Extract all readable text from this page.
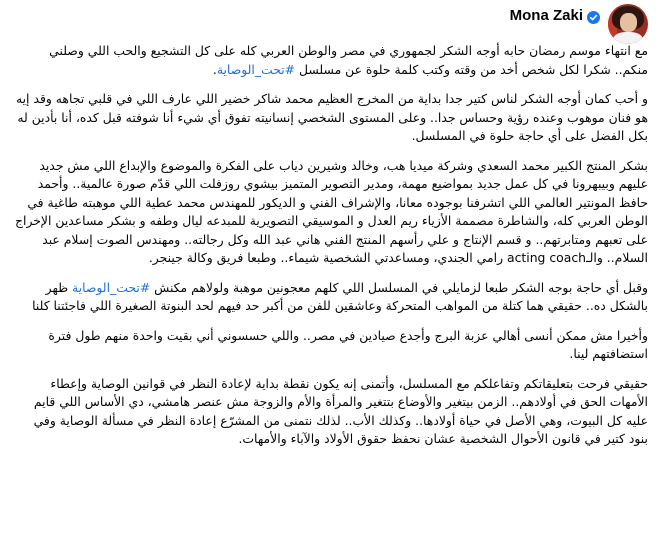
Mona Zaki

مع انتهاء موسم رمضان حابه أوجه الشكر لجمهوري في مصر والوطن العربي كله على كل التشجيع والحب اللي وصلني منكم.. شكرا لكل شخص أخد من وقته وكتب كلمة حلوة عن مسلسل #تحت_الوصاية.

و أحب كمان أوجه الشكر لناس كتير جدا بداية من المخرج العظيم محمد شاكر خضير اللي عارف اللي في قلبي تجاهه وقد إيه هو فنان موهوب وعنده رؤية وحساس جدا.. وعلى المستوى الشخصي إنسانيته تفوق أي شيء أنا شوفته قبل كده، أنا بأدين له بكل الفضل على أي حاجة حلوة في المسلسل.

بشكر المنتج الكبير محمد السعدي وشركة ميديا هب، وخالد وشيرين دياب على الفكرة والموضوع والإبداع اللي مش جديد عليهم وبيبهرونا في كل عمل جديد بمواضيع مهمة، ومدير التصوير المتميز بيشوي روزفلت اللي قدّم صورة عالمية.. وأحمد حافظ المونتير العالمي اللي اتشرفنا بوجوده معانا، والإشراف الفني و الديكور للمهندس محمد عطية اللي موهبته طاغية في الوطن العربي كله، والشاطرة مصممة الأزياء ريم العدل و الموسيقي التصويرية للمبدعه ليال وطفه و بشكر مساعدين الإخراج على تعبهم ومتابرتهم.. و قسم الإنتاج و علي رأسهم المنتج الفني هاني عبد الله وكل رجالته.. ومهندس الصوت إسلام عبد السلام.. والـacting coach رامي الجندي، ومساعدتي الشخصية شيماء.. وطبعا فريق وكالة جينجر.

وقبل أي حاجة بوجه الشكر طبعا لزمايلي في المسلسل اللي كلهم معجونين موهبة ولولاهم مكنش #تحت_الوصاية ظهر بالشكل ده.. حقيقي هما كتلة من المواهب المتحركة وعاشقين للفن من أكبر حد فيهم لحد البنوتة الصغيرة اللي فاجئتنا كلنا

وأخيرا مش ممكن أنسى أهالي عزبة البرج وأجدع صيادين في مصر.. واللي حسسوني أني بقيت واحدة منهم طول فترة استضافتهم لينا.

حقيقي فرحت بتعليقاتكم وتفاعلكم مع المسلسل، وأتمنى إنه يكون نقطة بداية لإعادة النظر في قوانين الوصاية وإعطاء الأمهات الحق في أولادهم.. الزمن بيتغير والأوضاع بتتغير والمرأة والأم والزوجة مش عنصر هامشي، دي الأساس اللي قايم عليه كل البيوت، وهي الأصل في حياة أولادها.. وكذلك الأب.. لذلك نتمنى من المشرّع إعادة النظر في مسألة الوصاية وفي بنود كتير في قانون الأحوال الشخصية عشان نحفظ حقوق الأولاد والآباء والأمهات.
